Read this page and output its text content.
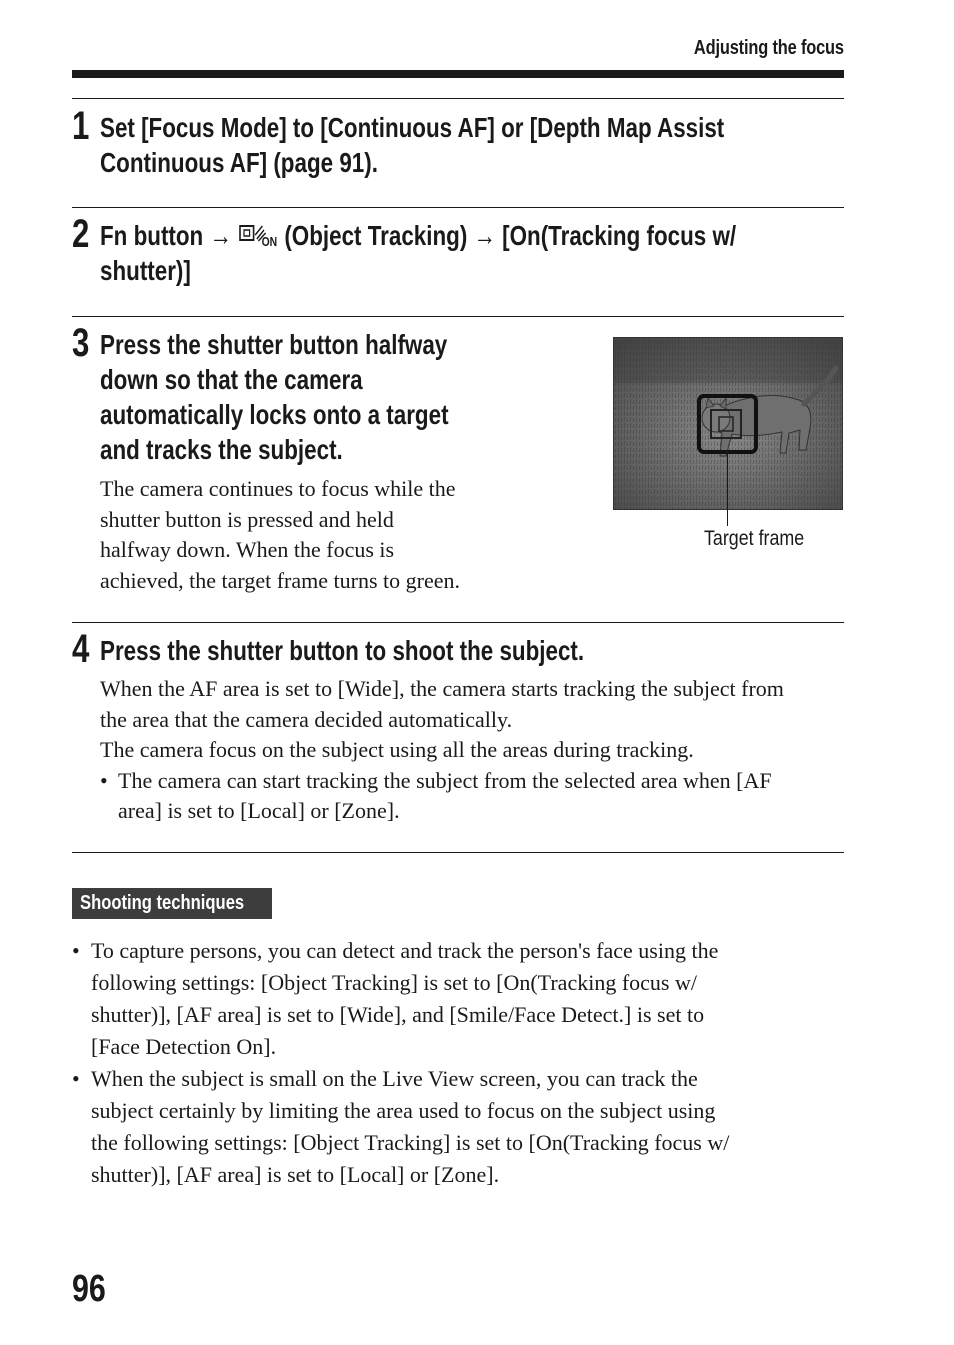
Adjusting the focus
1 Set [Focus Mode] to [Continuous AF] or [Depth Map Assist
Continuous AF] (page 91).
2 Fn button → ON (Object Tracking) → [On(Tracking focus w/
shutter)]
3 Press the shutter button halfway
down so that the camera
automatically locks onto a target
and tracks the subject.

The camera continues to focus while the

shutter button is pressed and held

halfway down. When the focus is

achieved, the target frame turns to green.

Target frame
4 Press the shutter button to shoot the subject.

When the AF area is set to [Wide], the camera starts tracking the subject from

the area that the camera decided automatically.

The camera focus on the subject using all the areas during tracking.

• The camera can start tracking the subject from the selected area when [AF
area] is set to [Local] or [Zone].
Shooting techniques
• To capture persons, you can detect and track the person's face using the
following settings: [Object Tracking] is set to [On(Tracking focus w/
shutter)], [AF area] is set to [Wide], and [Smile/Face Detect.] is set to
[Face Detection On].
• When the subject is small on the Live View screen, you can track the
subject certainly by limiting the area used to focus on the subject using
the following settings: [Object Tracking] is set to [On(Tracking focus w/
shutter)], [AF area] is set to [Local] or [Zone].
96
